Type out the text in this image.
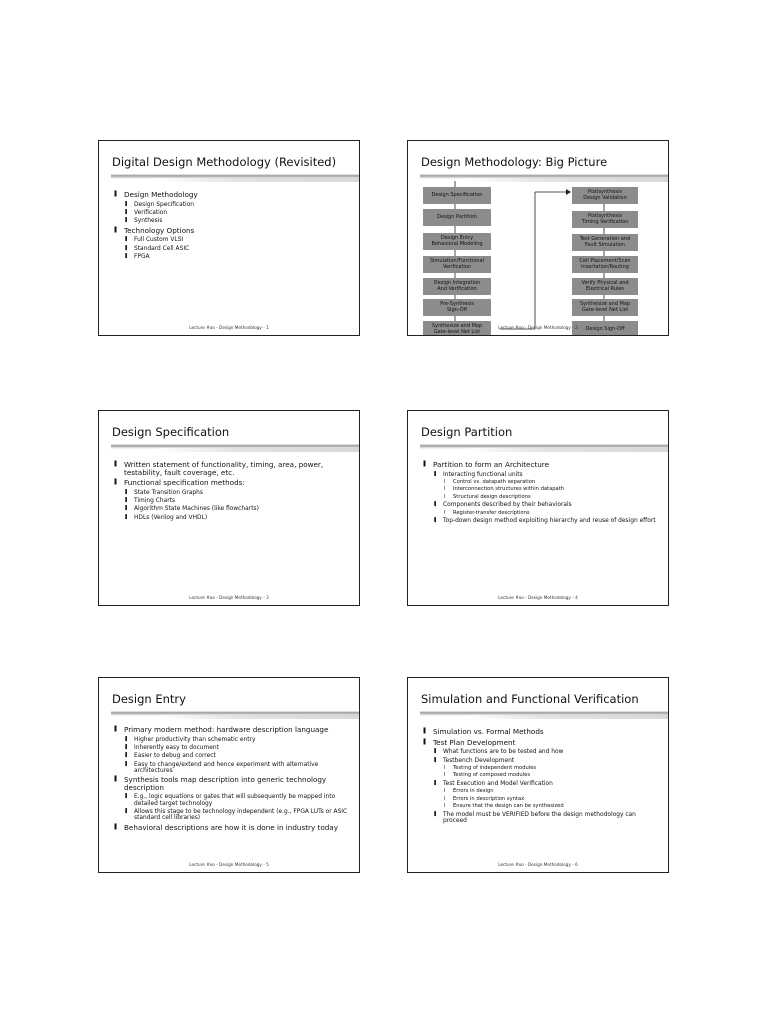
Digital Design Methodology (Revisited)
❚ Design Methodology
❚ Design Specification
❚ Verification
❚ Synthesis
❚ Technology Options
❚ Full Custom VLSI
❚ Standard Cell ASIC
❚ FPGA
Lecture #oo - Design Methodology - 1
Design Methodology: Big Picture
Design Specification
Design Partition
Design Entry
Behavioral Modeling
Simulation/Functional
Verification
Design Integration
And Verification
Pre-Synthesis
Sign-Off
Synthesize and Map
Gate-level Net List
Postsynthesis
Design Validation
Postsynthesis
Timing Verification
Test Generation and
Fault Simulation
Cell Placement/Scan
Insertation/Routing
Verify Physical and
Electrical Rules
Synthesize and Map
Gate-level Net List
Design Sign-Off
Lecture #oo - Design Methodology - 2
Design Specification
❚ Written statement of functionality, timing, area, power, testability, fault coverage, etc.
❚ Functional specification methods:
❚ State Transition Graphs
❚ Timing Charts
❚ Algorithm State Machines (like flowcharts)
❚ HDLs (Verilog and VHDL)
Lecture #oo - Design Methodology - 3
Design Partition
❚ Partition to form an Architecture
❚ Interacting functional units
l Control vs. datapath separation
l Interconnection structures within datapath
l Structural design descriptions
❚ Components described by their behaviorals
l Register-transfer descriptions
❚ Top-down design method exploiting hierarchy and reuse of design effort
Lecture #oo - Design Methodology - 4
Design Entry
❚ Primary modern method: hardware description language
❚ Higher productivity than schematic entry
❚ Inherently easy to document
❚ Easier to debug and correct
❚ Easy to change/extend and hence experiment with alternative architectures
❚ Synthesis tools map description into generic technology description
❚ E.g., logic equations or gates that will subsequently be mapped into detailed target technology
❚ Allows this stage to be technology independent (e.g., FPGA LUTs or ASIC standard cell libraries)
❚ Behavioral descriptions are how it is done in industry today
Lecture #oo - Design Methodology - 5
Simulation and Functional Verification
❚ Simulation vs. Formal Methods
❚ Test Plan Development
❚ What functions are to be tested and how
❚ Testbench Development
l Testing of independent modules
l Testing of composed modules
❚ Test Execution and Model Verification
l Errors in design
l Errors in description syntax
l Ensure that the design can be synthesized
❚ The model must be VERIFIED before the design methodology can proceed
Lecture #oo - Design Methodology - 6
